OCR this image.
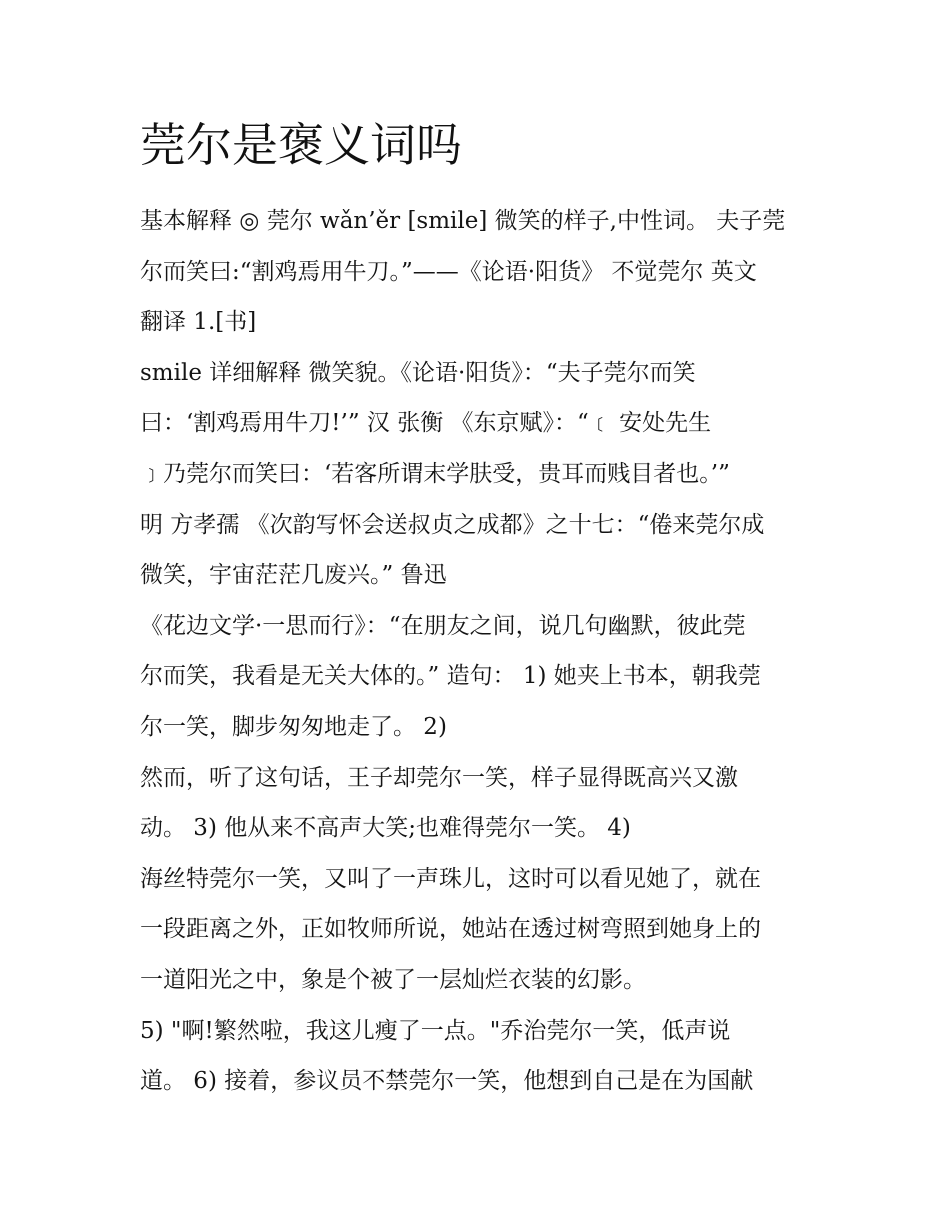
莞尔是褒义词吗
基本解释 ◎ 莞尔 wǎn’ěr [smile] 微笑的样子,中性词。 夫子莞
尔而笑曰:“割鸡焉用牛刀。”——《论语·阳货》 不觉莞尔 英文
翻译 1.[书]
smile 详细解释 微笑貌。《论语·阳货》：“夫子莞尔而笑
曰：‘割鸡焉用牛刀!’” 汉 张衡 《东京赋》：“﹝ 安处先生
﹞乃莞尔而笑曰：‘若客所谓末学肤受，贵耳而贱目者也。’”
明 方孝孺 《次韵写怀会送叔贞之成都》之十七：“倦来莞尔成
微笑，宇宙茫茫几废兴。” 鲁迅
《花边文学·一思而行》：“在朋友之间，说几句幽默，彼此莞
尔而笑，我看是无关大体的。” 造句： 1) 她夹上书本，朝我莞
尔一笑，脚步匆匆地走了。 2)
然而，听了这句话，王子却莞尔一笑，样子显得既高兴又激
动。 3) 他从来不高声大笑;也难得莞尔一笑。 4)
海丝特莞尔一笑，又叫了一声珠儿，这时可以看见她了，就在
一段距离之外，正如牧师所说，她站在透过树弯照到她身上的
一道阳光之中，象是个被了一层灿烂衣装的幻影。
5) "啊!繁然啦，我这儿瘦了一点。"乔治莞尔一笑，低声说
道。 6) 接着，参议员不禁莞尔一笑，他想到自己是在为国献
